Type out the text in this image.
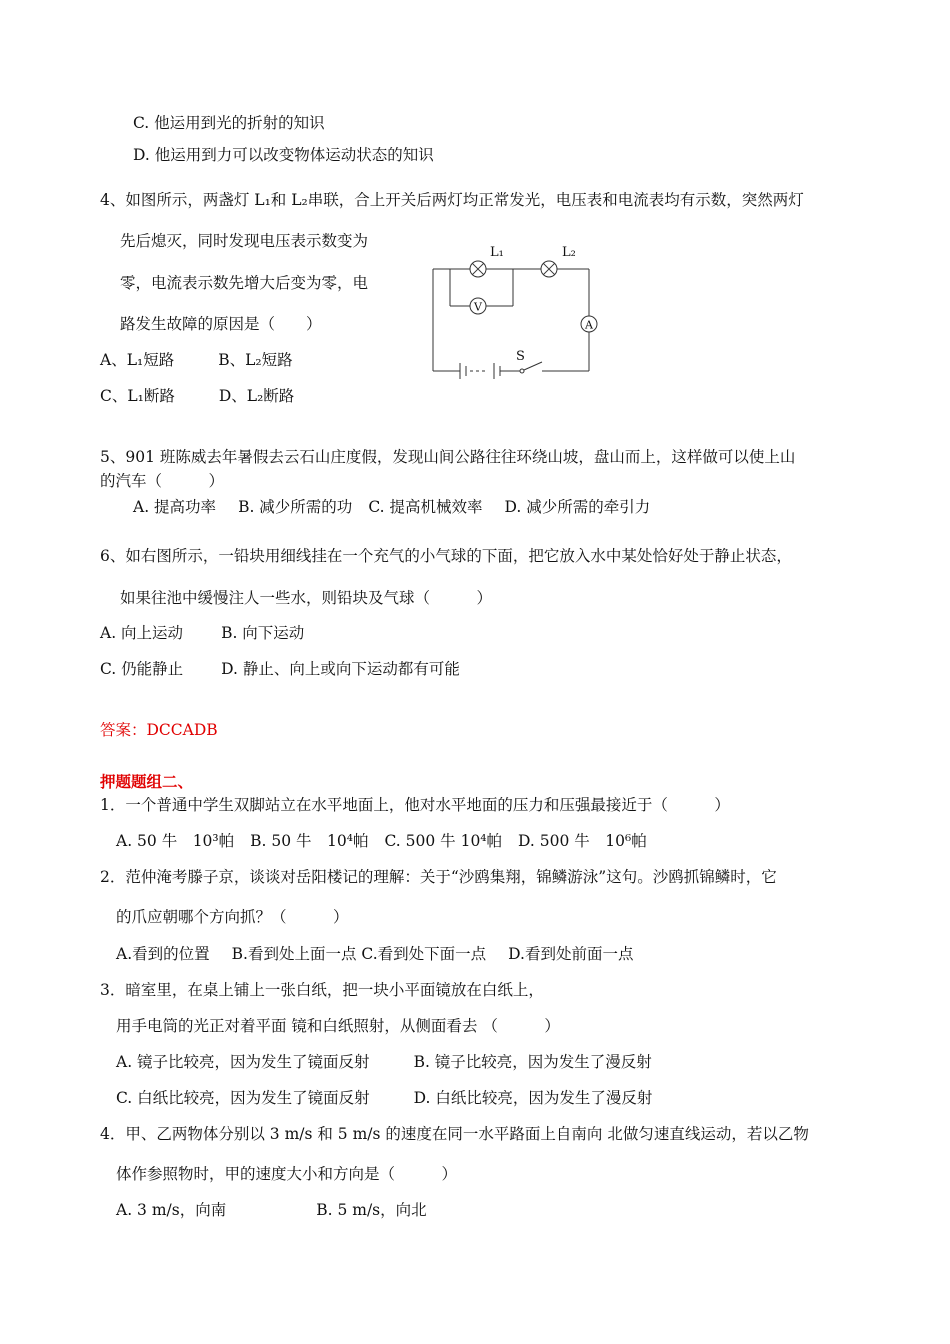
C. 他运用到光的折射的知识
D. 他运用到力可以改变物体运动状态的知识
4、如图所示，两盏灯 L₁和 L₂串联，合上开关后两灯均正常发光，电压表和电流表均有示数，突然两灯
先后熄灭，同时发现电压表示数变为
零，电流表示数先增大后变为零，电
路发生故障的原因是（　　）
A、L₁短路	B、L₂短路
C、L₁断路	D、L₂断路
L₁	L₂
V
A
S
5、901 班陈威去年暑假去云石山庄度假，发现山间公路往往环绕山坡，盘山而上，这样做可以使上山
的汽车（　　　）
A. 提高功率 B. 减少所需的功 C. 提高机械效率 D. 减少所需的牵引力
6、如右图所示，一铅块用细线挂在一个充气的小气球的下面，把它放入水中某处恰好处于静止状态，
如果往池中缓慢注人一些水，则铅块及气球（　　　）
A. 向上运动 B. 向下运动
C. 仍能静止 D. 静止、向上或向下运动都有可能
答案：DCCADB
押题题组二、
1．一个普通中学生双脚站立在水平地面上，他对水平地面的压力和压强最接近于（　　　）
A. 50 牛　10³帕 B. 50 牛　10⁴帕 C. 500 牛 10⁴帕 D. 500 牛　10⁶帕
2．范仲淹考滕子京，谈谈对岳阳楼记的理解：关于“沙鸥集翔，锦鳞游泳”这句。沙鸥抓锦鳞时，它
的爪应朝哪个方向抓？（　　　）
A.看到的位置 B.看到处上面一点 C.看到处下面一点 D.看到处前面一点
3．暗室里，在桌上铺上一张白纸，把一块小平面镜放在白纸上，
用手电筒的光正对着平面 镜和白纸照射，从侧面看去 （　　　）
A. 镜子比较亮，因为发生了镜面反射	B. 镜子比较亮，因为发生了漫反射
C. 白纸比较亮，因为发生了镜面反射	D. 白纸比较亮，因为发生了漫反射
4．甲、乙两物体分别以 3 m/s 和 5 m/s 的速度在同一水平路面上自南向 北做匀速直线运动，若以乙物
体作参照物时，甲的速度大小和方向是（　　　）
A. 3 m/s，向南	B. 5 m/s，向北
